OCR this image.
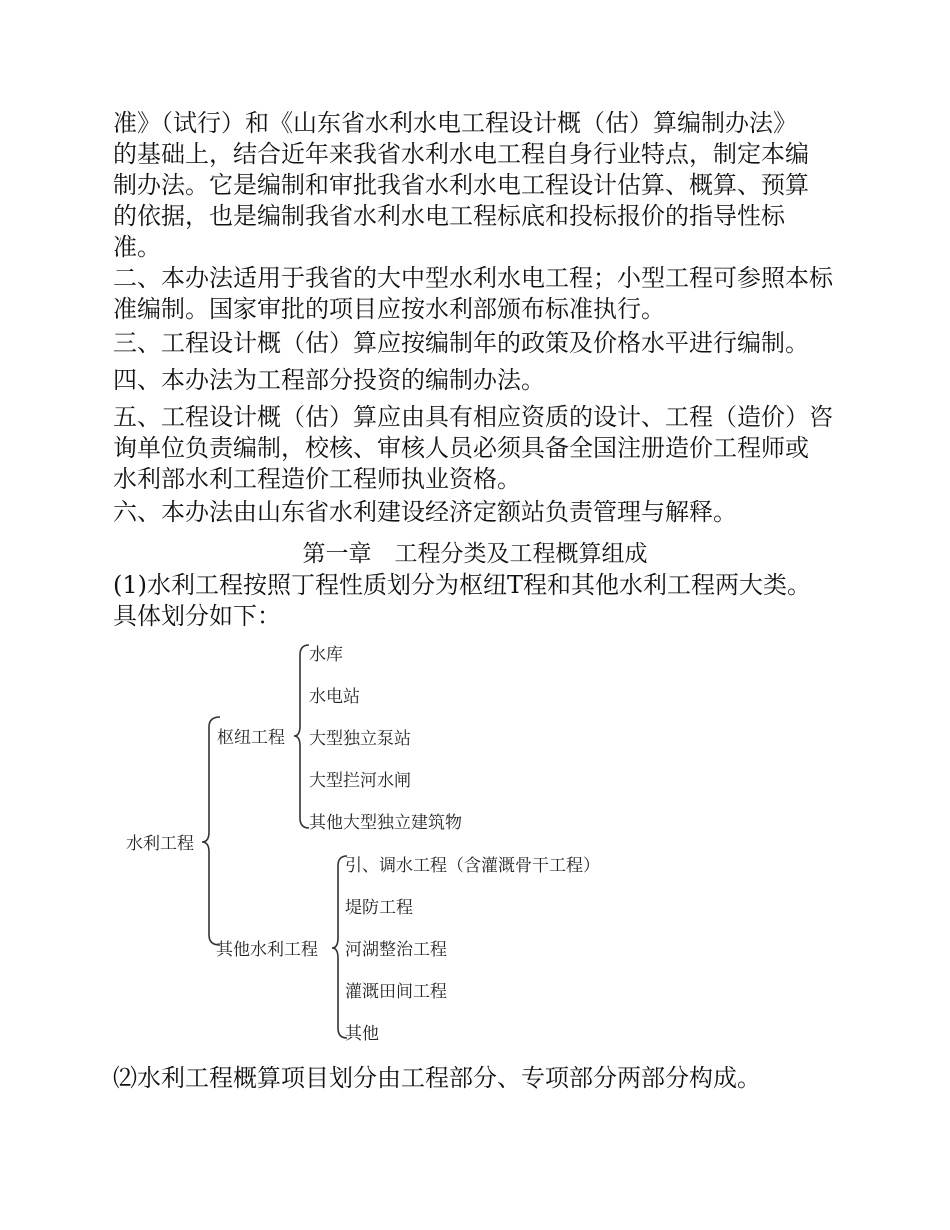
准》（试行）和《山东省水利水电工程设计概（估）算编制办法》
的基础上，结合近年来我省水利水电工程自身行业特点，制定本编
制办法。它是编制和审批我省水利水电工程设计估算、概算、预算
的依据，也是编制我省水利水电工程标底和投标报价的指导性标
准。
二、本办法适用于我省的大中型水利水电工程；小型工程可参照本标
准编制。国家审批的项目应按水利部颁布标准执行。
三、工程设计概（估）算应按编制年的政策及价格水平进行编制。
四、本办法为工程部分投资的编制办法。
五、工程设计概（估）算应由具有相应资质的设计、工程（造价）咨
询单位负责编制，校核、审核人员必须具备全国注册造价工程师或
水利部水利工程造价工程师执业资格。
六、本办法由山东省水利建设经济定额站负责管理与解释。
第一章　工程分类及工程概算组成
(1)水利工程按照丁程性质划分为枢纽T程和其他水利工程两大类。
具体划分如下：
水利工程
枢纽工程
水库
水电站
大型独立泵站
大型拦河水闸
其他大型独立建筑物
其他水利工程
引、调水工程（含灌溉骨干工程）
堤防工程
河湖整治工程
灌溉田间工程
其他
⑵水利工程概算项目划分由工程部分、专项部分两部分构成。
